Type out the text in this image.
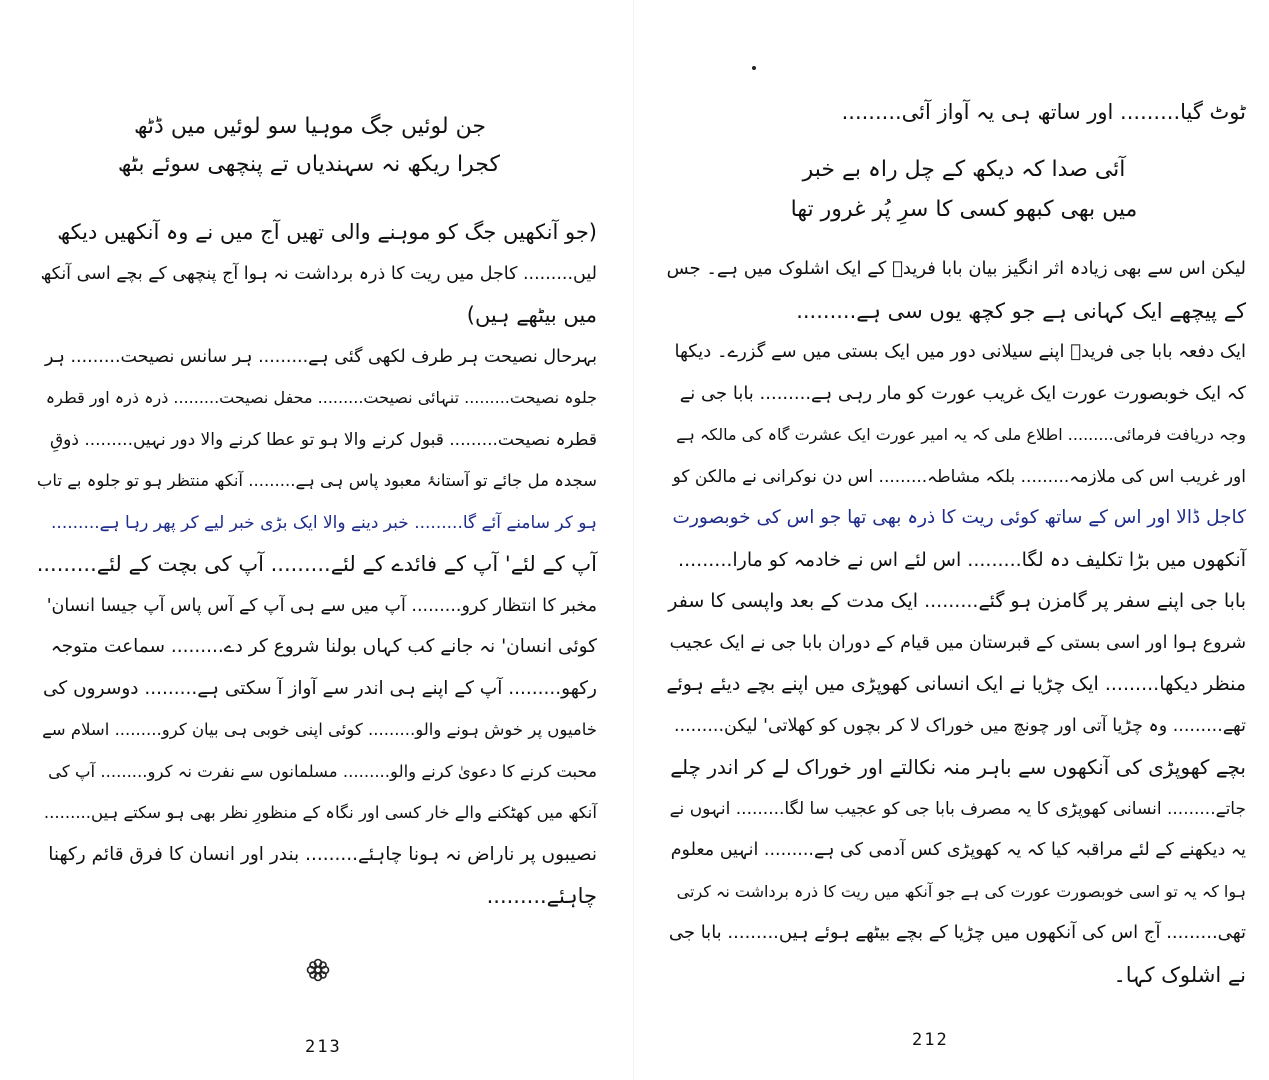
جن لوئیں جگ موہیا سو لوئیں میں ڈٹھ
کجرا ریکھ نہ سہندیاں تے پنچھی سوئے بٹھ
(جو آنکھیں جگ کو موہنے والی تھیں آج میں نے وہ آنکھیں دیکھ
لیں......... کاجل میں ریت کا ذرہ برداشت نہ ہوا آج پنچھی کے بچے اسی آنکھ
میں بیٹھے ہیں)
بہرحال نصیحت ہر طرف لکھی گئی ہے......... ہر سانس نصیحت......... ہر
جلوہ نصیحت......... تنہائی نصیحت......... محفل نصیحت......... ذرہ ذرہ اور قطرہ
قطرہ نصیحت......... قبول کرنے والا ہو تو عطا کرنے والا دور نہیں......... ذوقِ
سجدہ مل جائے تو آستانۂ معبود پاس ہی ہے......... آنکھ منتظر ہو تو جلوہ بے تاب
ہو کر سامنے آئے گا......... خبر دینے والا ایک بڑی خبر لیے کر پھر رہا ہے.........
آپ کے لئے' آپ کے فائدے کے لئے......... آپ کی بچت کے لئے.........
مخبر کا انتظار کرو......... آپ میں سے ہی آپ کے آس پاس آپ جیسا انسان'
کوئی انسان' نہ جانے کب کہاں بولنا شروع کر دے......... سماعت متوجہ
رکھو......... آپ کے اپنے ہی اندر سے آواز آ سکتی ہے......... دوسروں کی
خامیوں پر خوش ہونے والو......... کوئی اپنی خوبی ہی بیان کرو......... اسلام سے
محبت کرنے کا دعویٰ کرنے والو......... مسلمانوں سے نفرت نہ کرو......... آپ کی
آنکھ میں کھٹکنے والے خار کسی اور نگاہ کے منظورِ نظر بھی ہو سکتے ہیں.........
نصیبوں پر ناراض نہ ہونا چاہئے......... بندر اور انسان کا فرق قائم رکھنا
چاہئے.........
213
ٹوٹ گیا......... اور ساتھ ہی یہ آواز آئی.........
آئی صدا کہ دیکھ کے چل راہ بے خبر
میں بھی کبھو کسی کا سرِ پُر غرور تھا
لیکن اس سے بھی زیادہ اثر انگیز بیان بابا فریدؒ کے ایک اشلوک میں ہے۔ جس
کے پیچھے ایک کہانی ہے جو کچھ یوں سی ہے.........
ایک دفعہ بابا جی فریدؒ اپنے سیلانی دور میں ایک بستی میں سے گزرے۔ دیکھا
کہ ایک خوبصورت عورت ایک غریب عورت کو مار رہی ہے......... بابا جی نے
وجہ دریافت فرمائی......... اطلاع ملی کہ یہ امیر عورت ایک عشرت گاہ کی مالکہ ہے
اور غریب اس کی ملازمہ......... بلکہ مشاطہ......... اس دن نوکرانی نے مالکن کو
کاجل ڈالا اور اس کے ساتھ کوئی ریت کا ذرہ بھی تھا جو اس کی خوبصورت
آنکھوں میں بڑا تکلیف دہ لگا......... اس لئے اس نے خادمہ کو مارا.........
بابا جی اپنے سفر پر گامزن ہو گئے......... ایک مدت کے بعد واپسی کا سفر
شروع ہوا اور اسی بستی کے قبرستان میں قیام کے دوران بابا جی نے ایک عجیب
منظر دیکھا......... ایک چڑیا نے ایک انسانی کھوپڑی میں اپنے بچے دیئے ہوئے
تھے......... وہ چڑیا آتی اور چونچ میں خوراک لا کر بچوں کو کھلاتی' لیکن.........
بچے کھوپڑی کی آنکھوں سے باہر منہ نکالتے اور خوراک لے کر اندر چلے
جاتے......... انسانی کھوپڑی کا یہ مصرف بابا جی کو عجیب سا لگا......... انہوں نے
یہ دیکھنے کے لئے مراقبہ کیا کہ یہ کھوپڑی کس آدمی کی ہے......... انہیں معلوم
ہوا کہ یہ تو اسی خوبصورت عورت کی ہے جو آنکھ میں ریت کا ذرہ برداشت نہ کرتی
تھی......... آج اس کی آنکھوں میں چڑیا کے بچے بیٹھے ہوئے ہیں......... بابا جی
نے اشلوک کہا۔
212
